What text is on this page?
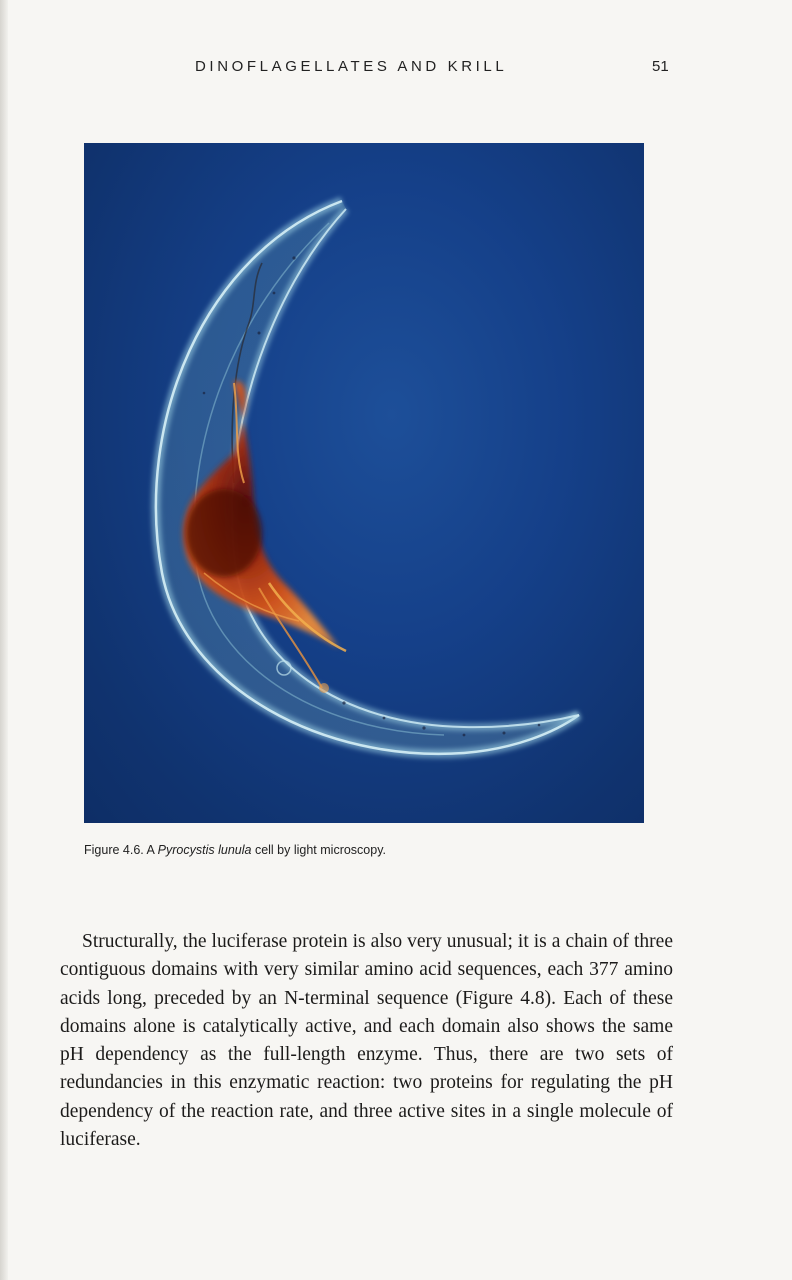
DINOFLAGELLATES AND KRILL	51
Figure 4.6. A Pyrocystis lunula cell by light microscopy.

Structurally, the luciferase protein is also very unusual; it is a chain of three contiguous domains with very similar amino acid sequences, each 377 amino acids long, preceded by an N-terminal sequence (Figure 4.8). Each of these domains alone is catalytically active, and each domain also shows the same pH dependency as the full-length enzyme. Thus, there are two sets of redundancies in this enzymatic reaction: two proteins for regulating the pH dependency of the reaction rate, and three active sites in a single molecule of luciferase.
